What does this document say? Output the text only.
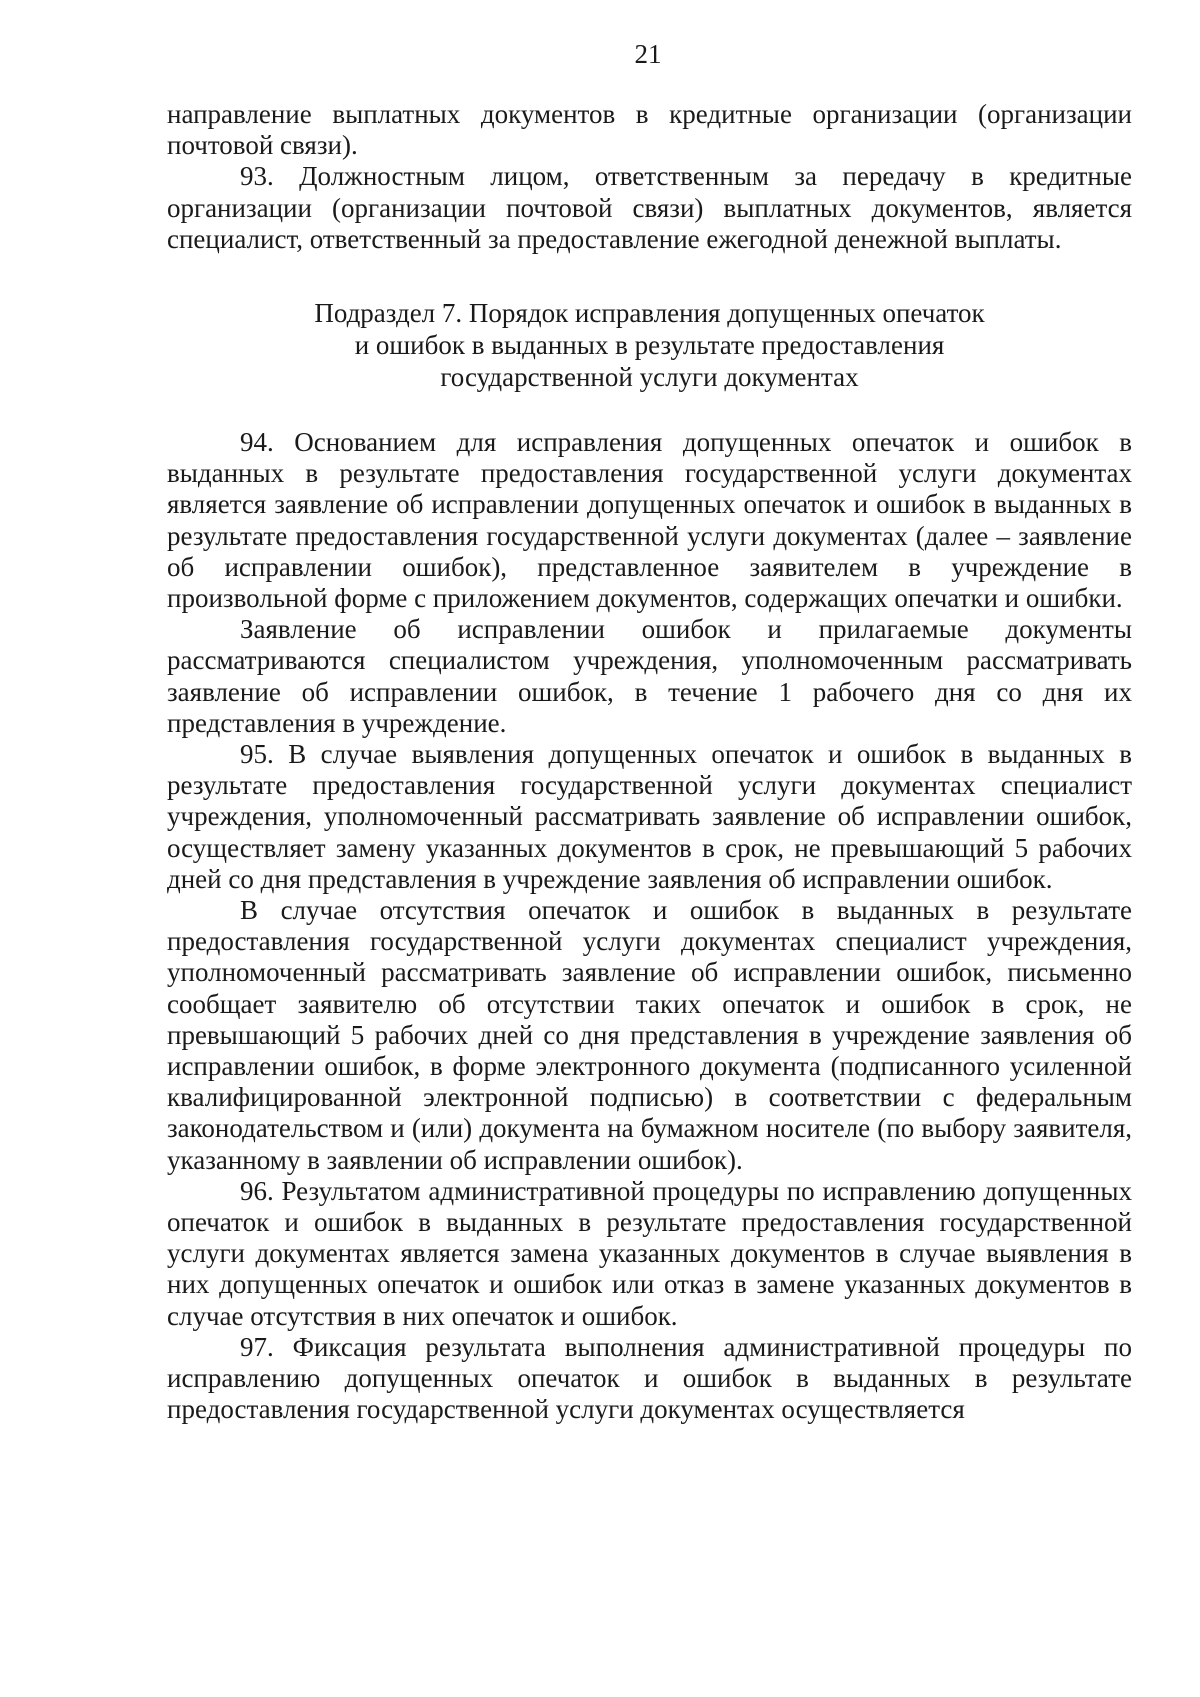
21

направление выплатных документов в кредитные организации (организации почтовой связи).

93. Должностным лицом, ответственным за передачу в кредитные организации (организации почтовой связи) выплатных документов, является специалист, ответственный за предоставление ежегодной денежной выплаты.

Подраздел 7. Порядок исправления допущенных опечаток
и ошибок в выданных в результате предоставления
государственной услуги документах

94. Основанием для исправления допущенных опечаток и ошибок в выданных в результате предоставления государственной услуги документах является заявление об исправлении допущенных опечаток и ошибок в выданных в результате предоставления государственной услуги документах (далее – заявление об исправлении ошибок), представленное заявителем в учреждение в произвольной форме с приложением документов, содержащих опечатки и ошибки.

Заявление об исправлении ошибок и прилагаемые документы рассматриваются специалистом учреждения, уполномоченным рассматривать заявление об исправлении ошибок, в течение 1 рабочего дня со дня их представления в учреждение.

95. В случае выявления допущенных опечаток и ошибок в выданных в результате предоставления государственной услуги документах специалист учреждения, уполномоченный рассматривать заявление об исправлении ошибок, осуществляет замену указанных документов в срок, не превышающий 5 рабочих дней со дня представления в учреждение заявления об исправлении ошибок.

В случае отсутствия опечаток и ошибок в выданных в результате предоставления государственной услуги документах специалист учреждения, уполномоченный рассматривать заявление об исправлении ошибок, письменно сообщает заявителю об отсутствии таких опечаток и ошибок в срок, не превышающий 5 рабочих дней со дня представления в учреждение заявления об исправлении ошибок, в форме электронного документа (подписанного усиленной квалифицированной электронной подписью) в соответствии с федеральным законодательством и (или) документа на бумажном носителе (по выбору заявителя, указанному в заявлении об исправлении ошибок).

96. Результатом административной процедуры по исправлению допущенных опечаток и ошибок в выданных в результате предоставления государственной услуги документах является замена указанных документов в случае выявления в них допущенных опечаток и ошибок или отказ в замене указанных документов в случае отсутствия в них опечаток и ошибок.

97. Фиксация результата выполнения административной процедуры по исправлению допущенных опечаток и ошибок в выданных в результате предоставления государственной услуги документах осуществляется
